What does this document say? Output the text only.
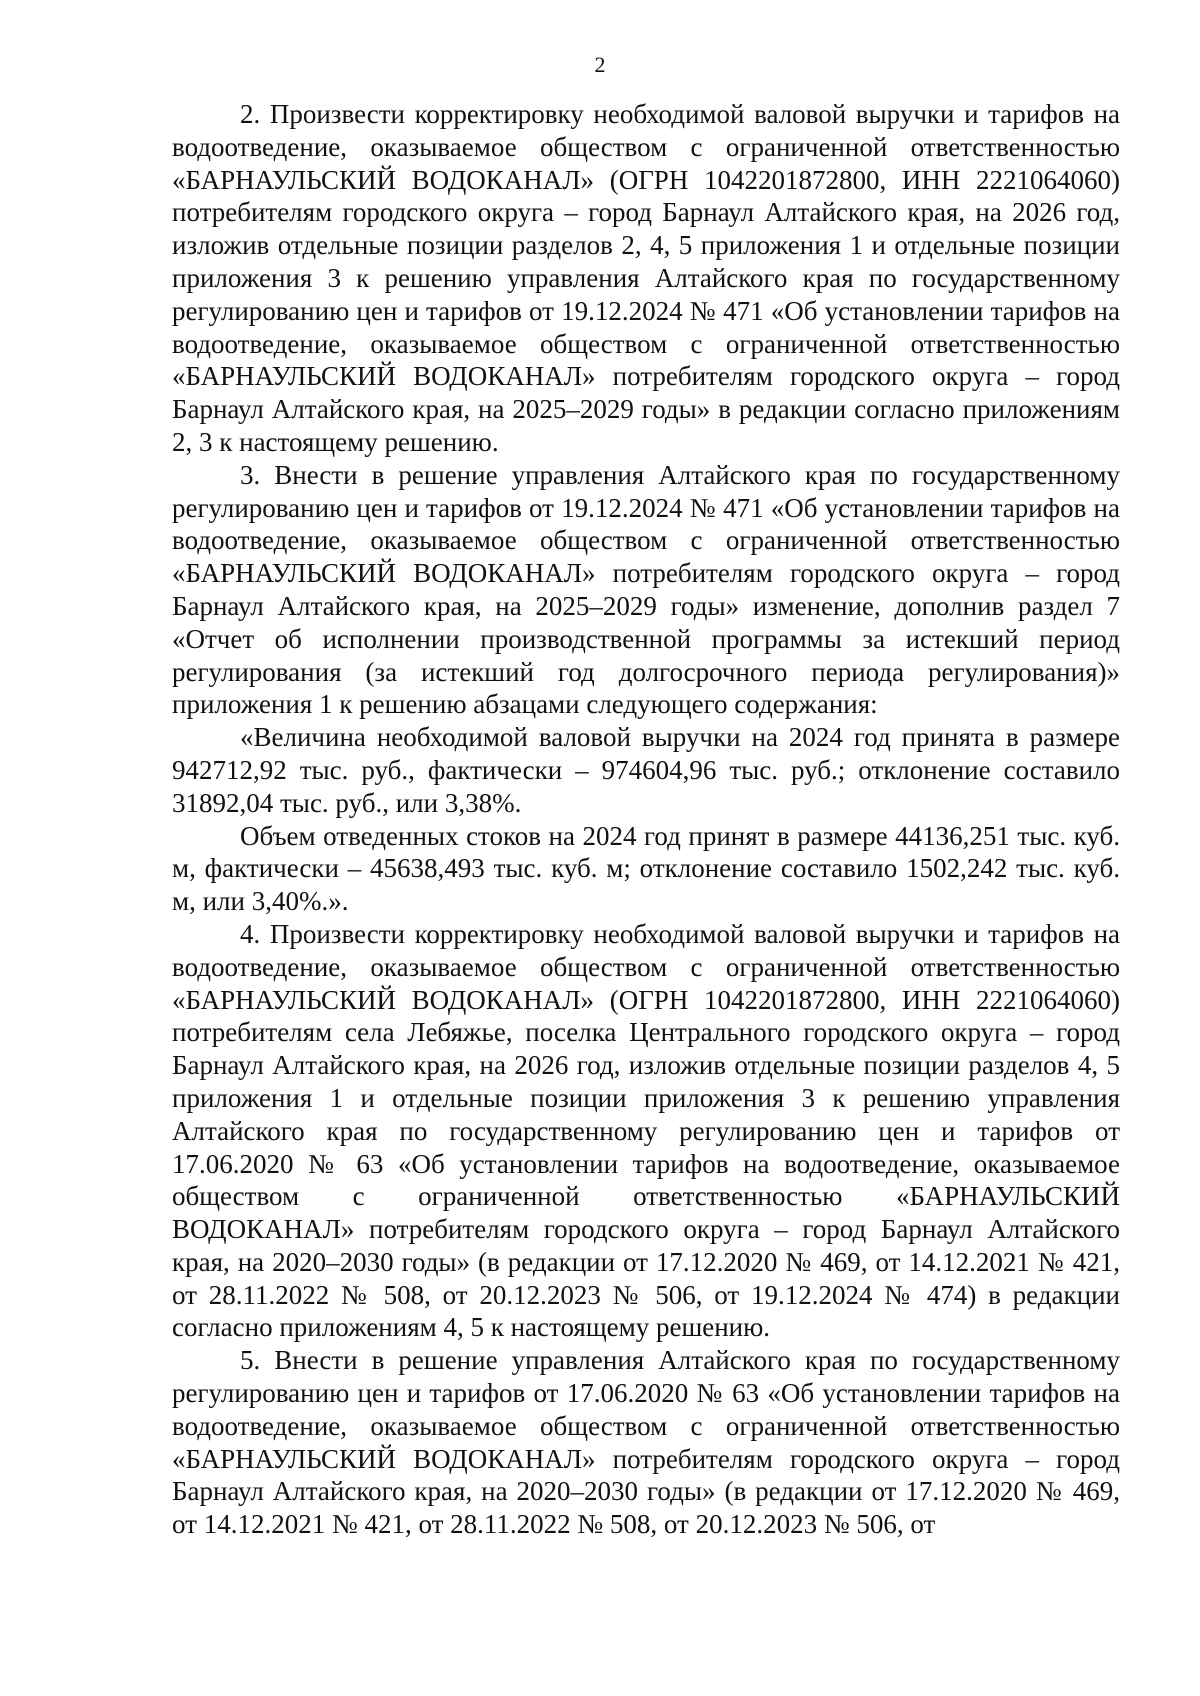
2

2. Произвести корректировку необходимой валовой выручки и тарифов на водоотведение, оказываемое обществом с ограниченной ответственностью «БАРНАУЛЬСКИЙ ВОДОКАНАЛ» (ОГРН 1042201872800, ИНН 2221064060) потребителям городского округа – город Барнаул Алтайского края, на 2026 год, изложив отдельные позиции разделов 2, 4, 5 приложения 1 и отдельные позиции приложения 3 к решению управления Алтайского края по государственному регулированию цен и тарифов от 19.12.2024 № 471 «Об установлении тарифов на водоотведение, оказываемое обществом с ограниченной ответственностью «БАРНАУЛЬСКИЙ ВОДОКАНАЛ» потребителям городского округа – город Барнаул Алтайского края, на 2025–2029 годы» в редакции согласно приложениям 2, 3 к настоящему решению.

3. Внести в решение управления Алтайского края по государственному регулированию цен и тарифов от 19.12.2024 № 471 «Об установлении тарифов на водоотведение, оказываемое обществом с ограниченной ответственностью «БАРНАУЛЬСКИЙ ВОДОКАНАЛ» потребителям городского округа – город Барнаул Алтайского края, на 2025–2029 годы» изменение, дополнив раздел 7 «Отчет об исполнении производственной программы за истекший период регулирования (за истекший год долгосрочного периода регулирования)» приложения 1 к решению абзацами следующего содержания:

«Величина необходимой валовой выручки на 2024 год принята в размере 942712,92 тыс. руб., фактически – 974604,96 тыс. руб.; отклонение составило 31892,04 тыс. руб., или 3,38%.

Объем отведенных стоков на 2024 год принят в размере 44136,251 тыс. куб. м, фактически – 45638,493 тыс. куб. м; отклонение составило 1502,242 тыс. куб. м, или 3,40%.».

4. Произвести корректировку необходимой валовой выручки и тарифов на водоотведение, оказываемое обществом с ограниченной ответственностью «БАРНАУЛЬСКИЙ ВОДОКАНАЛ» (ОГРН 1042201872800, ИНН 2221064060) потребителям села Лебяжье, поселка Центрального городского округа – город Барнаул Алтайского края, на 2026 год, изложив отдельные позиции разделов 4, 5 приложения 1 и отдельные позиции приложения 3 к решению управления Алтайского края по государственному регулированию цен и тарифов от 17.06.2020 № 63 «Об установлении тарифов на водоотведение, оказываемое обществом с ограниченной ответственностью «БАРНАУЛЬСКИЙ ВОДОКАНАЛ» потребителям городского округа – город Барнаул Алтайского края, на 2020–2030 годы» (в редакции от 17.12.2020 № 469, от 14.12.2021 № 421, от 28.11.2022 № 508, от 20.12.2023 № 506, от 19.12.2024 № 474) в редакции согласно приложениям 4, 5 к настоящему решению.

5. Внести в решение управления Алтайского края по государственному регулированию цен и тарифов от 17.06.2020 № 63 «Об установлении тарифов на водоотведение, оказываемое обществом с ограниченной ответственностью «БАРНАУЛЬСКИЙ ВОДОКАНАЛ» потребителям городского округа – город Барнаул Алтайского края, на 2020–2030 годы» (в редакции от 17.12.2020 № 469, от 14.12.2021 № 421, от 28.11.2022 № 508, от 20.12.2023 № 506, от
